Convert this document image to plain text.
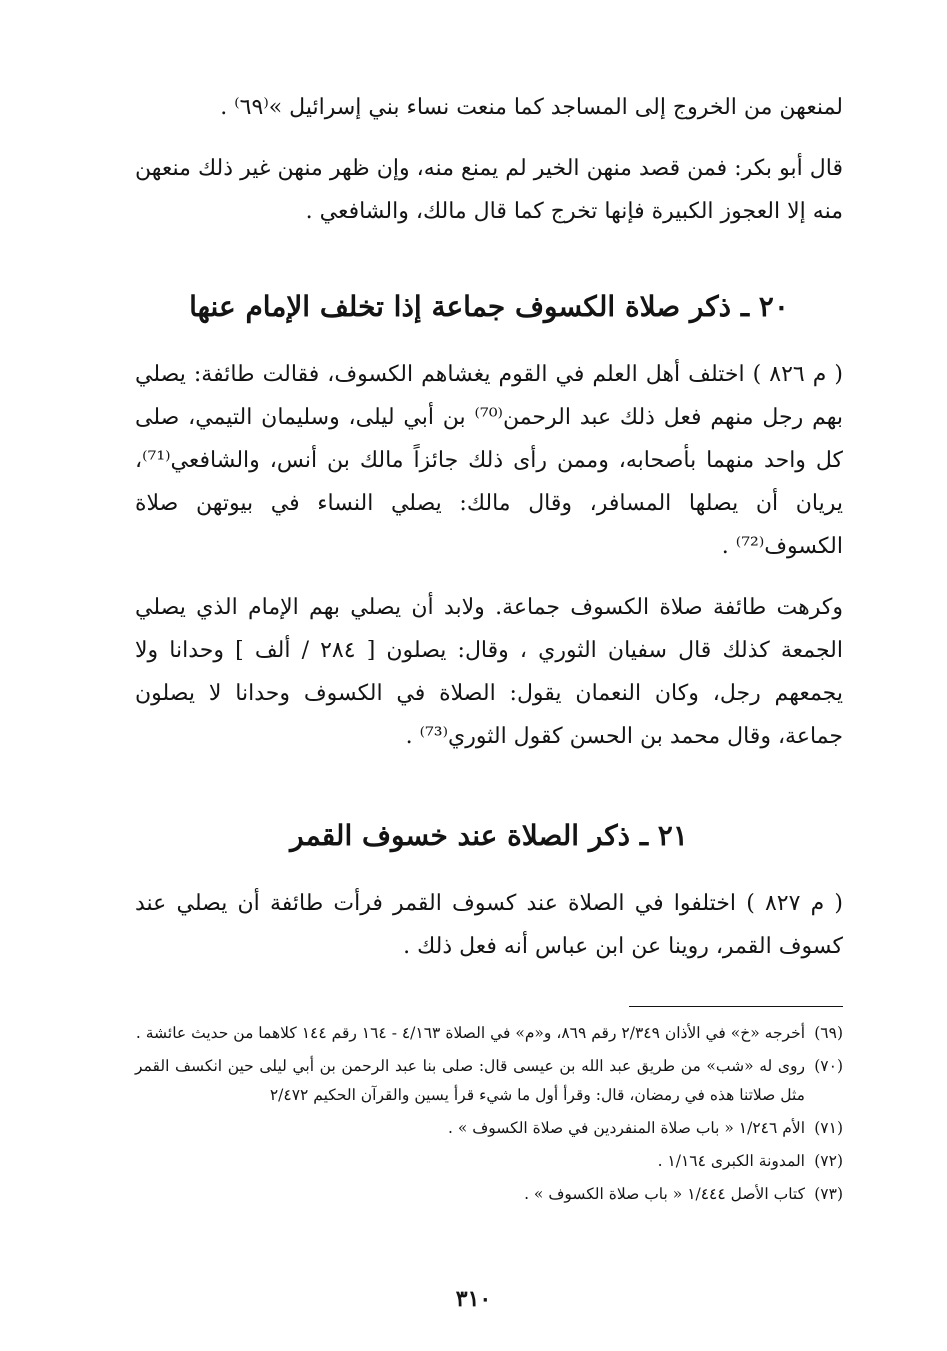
لمنعهن من الخروج إلى المساجد كما منعت نساء بني إسرائيل »⁽٦٩⁾ .

قال أبو بكر: فمن قصد منهن الخير لم يمنع منه، وإن ظهر منهن غير ذلك منعهن منه إلا العجوز الكبيرة فإنها تخرج كما قال مالك، والشافعي .

٢٠ ـ ذكر صلاة الكسوف جماعة إذا تخلف الإمام عنها

( م ٨٢٦ ) اختلف أهل العلم في القوم يغشاهم الكسوف، فقالت طائفة: يصلي بهم رجل منهم فعل ذلك عبد الرحمن⁽⁷⁰⁾ بن أبي ليلى، وسليمان التيمي، صلى كل واحد منهما بأصحابه، وممن رأى ذلك جائزاً مالك بن أنس، والشافعي⁽⁷¹⁾، يريان أن يصلها المسافر، وقال مالك: يصلي النساء في بيوتهن صلاة الكسوف⁽⁷²⁾ .

وكرهت طائفة صلاة الكسوف جماعة. ولابد أن يصلي بهم الإمام الذي يصلي الجمعة كذلك قال سفيان الثوري ، وقال: يصلون [ ٢٨٤ / ألف ] وحدانا ولا يجمعهم رجل، وكان النعمان يقول: الصلاة في الكسوف وحدانا لا يصلون جماعة، وقال محمد بن الحسن كقول الثوري⁽⁷³⁾ .

٢١ ـ ذكر الصلاة عند خسوف القمر

( م ٨٢٧ ) اختلفوا في الصلاة عند كسوف القمر فرأت طائفة أن يصلي عند كسوف القمر، روينا عن ابن عباس أنه فعل ذلك .

(٦٩)
أخرجه «خ» في الأذان ٢/٣٤٩ رقم ٨٦٩، و«م» في الصلاة ٤/١٦٣ - ١٦٤ رقم ١٤٤ كلاهما من حديث عائشة .
(٧٠)
روى له «شب» من طريق عبد الله بن عيسى قال: صلى بنا عبد الرحمن بن أبي ليلى حين انكسف القمر مثل صلاتنا هذه في رمضان، قال: وقرأ أول ما شيء قرأ يسين والقرآن الحكيم ٢/٤٧٢
(٧١)
الأم ١/٢٤٦ « باب صلاة المنفردين في صلاة الكسوف » .
(٧٢)
المدونة الكبرى ١/١٦٤ .
(٧٣)
كتاب الأصل ١/٤٤٤ « باب صلاة الكسوف » .
٣١٠
